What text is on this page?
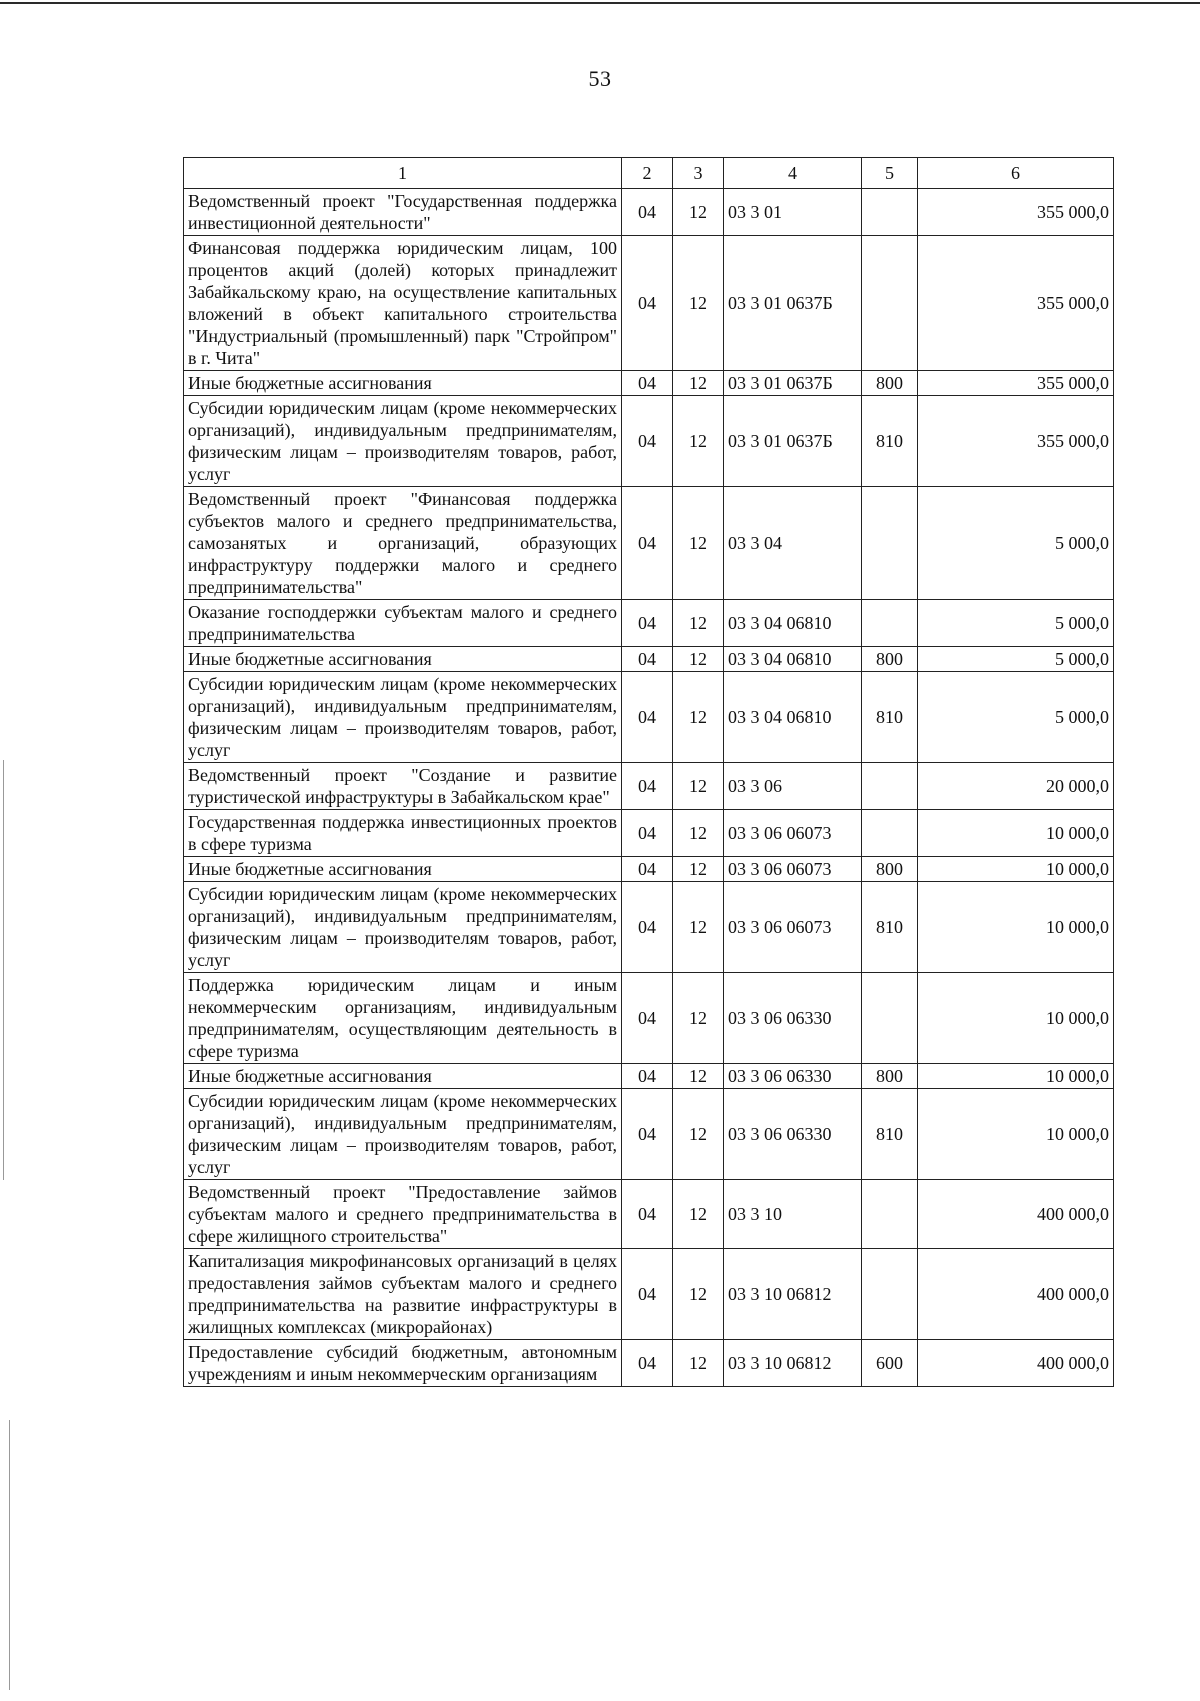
53
1	2	3	4	5	6
Ведомственный проект "Государственная поддержка инвестиционной деятельности"	04	12	03 3 01		355 000,0
Финансовая поддержка юридическим лицам, 100 процентов акций (долей) которых принадлежит Забайкальскому краю, на осуществление капитальных вложений в объект капитального строительства "Индустриальный (промышленный) парк "Стройпром" в г. Чита"	04	12	03 3 01 0637Б		355 000,0
Иные бюджетные ассигнования	04	12	03 3 01 0637Б	800	355 000,0
Субсидии юридическим лицам (кроме некоммерческих организаций), индивидуальным предпринимателям, физическим лицам – производителям товаров, работ, услуг	04	12	03 3 01 0637Б	810	355 000,0
Ведомственный проект "Финансовая поддержка субъектов малого и среднего предпринимательства, самозанятых и организаций, образующих инфраструктуру поддержки малого и среднего предпринимательства"	04	12	03 3 04		5 000,0
Оказание господдержки субъектам малого и среднего предпринимательства	04	12	03 3 04 06810		5 000,0
Иные бюджетные ассигнования	04	12	03 3 04 06810	800	5 000,0
Субсидии юридическим лицам (кроме некоммерческих организаций), индивидуальным предпринимателям, физическим лицам – производителям товаров, работ, услуг	04	12	03 3 04 06810	810	5 000,0
Ведомственный проект "Создание и развитие туристической инфраструктуры в Забайкальском крае"	04	12	03 3 06		20 000,0
Государственная поддержка инвестиционных проектов в сфере туризма	04	12	03 3 06 06073		10 000,0
Иные бюджетные ассигнования	04	12	03 3 06 06073	800	10 000,0
Субсидии юридическим лицам (кроме некоммерческих организаций), индивидуальным предпринимателям, физическим лицам – производителям товаров, работ, услуг	04	12	03 3 06 06073	810	10 000,0
Поддержка юридическим лицам и иным некоммерческим организациям, индивидуальным предпринимателям, осуществляющим деятельность в сфере туризма	04	12	03 3 06 06330		10 000,0
Иные бюджетные ассигнования	04	12	03 3 06 06330	800	10 000,0
Субсидии юридическим лицам (кроме некоммерческих организаций), индивидуальным предпринимателям, физическим лицам – производителям товаров, работ, услуг	04	12	03 3 06 06330	810	10 000,0
Ведомственный проект "Предоставление займов субъектам малого и среднего предпринимательства в сфере жилищного строительства"	04	12	03 3 10		400 000,0
Капитализация микрофинансовых организаций в целях предоставления займов субъектам малого и среднего предпринимательства на развитие инфраструктуры в жилищных комплексах (микрорайонах)	04	12	03 3 10 06812		400 000,0
Предоставление субсидий бюджетным, автономным учреждениям и иным некоммерческим организациям	04	12	03 3 10 06812	600	400 000,0
